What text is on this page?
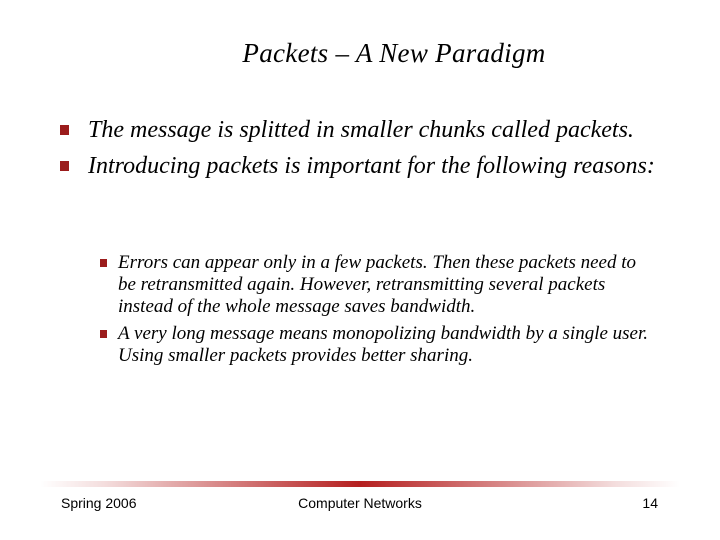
Packets – A New Paradigm
The message is splitted in smaller chunks called packets.
Introducing packets is important for the following reasons:
Errors can appear only in a few packets. Then these packets need to be retransmitted again. However, retransmitting several packets instead of the whole message saves bandwidth.
A very long message means monopolizing bandwidth by a single user. Using smaller packets provides better sharing.
Spring 2006	Computer Networks	14
